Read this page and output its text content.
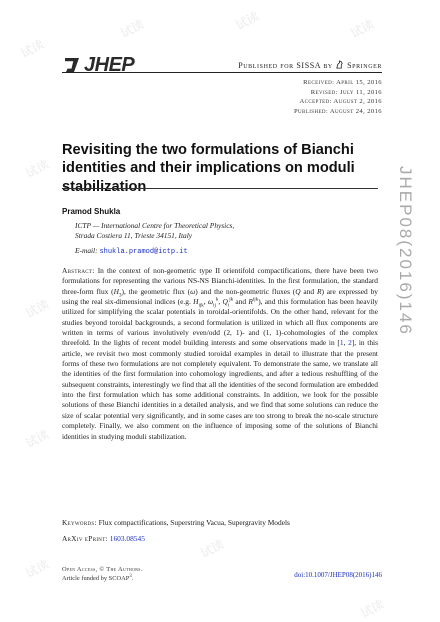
试读
试读	试读	试读
试读
试读
试读
试读
试读
试读
JHEP	Published for SISSA by Springer
Received: April 15, 2016
Revised: July 11, 2016
Accepted: August 2, 2016
Published: August 24, 2016
JHEP08(2016)146
Revisiting the two formulations of Bianchi identities and their implications on moduli stabilization
Pramod Shukla
ICTP — International Centre for Theoretical Physics,
Strada Costiera 11, Trieste 34151, Italy
E-mail: shukla.pramod@ictp.it

Abstract: In the context of non-geometric type II orientifold compactifications, there have been two formulations for representing the various NS-NS Bianchi-identities. In the first formulation, the standard three-form flux $(H_3)$, the geometric flux (ω) and the non-geometric fluxes (Q and R) are expressed by using the real six-dimensional indices (e.g. $H_{ijk}$, $\omega_{ij}^k$, $Q_i^{jk}$ and $R^{ijk}$), and this formulation has been heavily utilized for simplifying the scalar potentials in toroidal-orientifolds. On the other hand, relevant for the studies beyond toroidal backgrounds, a second formulation is utilized in which all flux components are written in terms of various involutively even/odd (2, 1)- and (1, 1)-cohomologies of the complex threefold. In the lights of recent model building interests and some observations made in [1, 2], in this article, we revisit two most commonly studied toroidal examples in detail to illustrate that the present forms of these two formulations are not completely equivalent. To demonstrate the same, we translate all the identities of the first formulation into cohomology ingredients, and after a tedious reshuffling of the subsequent constraints, interestingly we find that all the identities of the second formulation are embedded into the first formulation which has some additional constraints. In addition, we look for the possible solutions of these Bianchi identities in a detailed analysis, and we find that some solutions can reduce the size of scalar potential very significantly, and in some cases are too strong to break the no-scale structure completely. Finally, we also comment on the influence of imposing some of the solutions of Bianchi identities in studying moduli stabilization.

Keywords: Flux compactifications, Superstring Vacua, Supergravity Models
ArXiv ePrint: 1603.08545
Open Access, © The Authors.
Article funded by SCOAP$^3$.	doi:10.1007/JHEP08(2016)146
